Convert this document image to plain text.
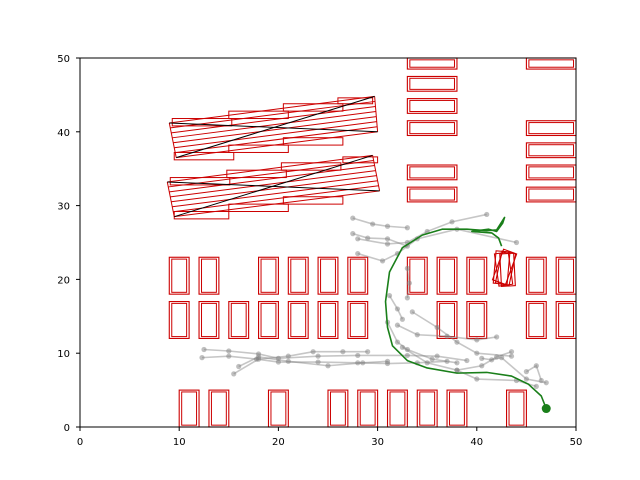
0	10	20	30	40	50
0
10
20
30
40
50
